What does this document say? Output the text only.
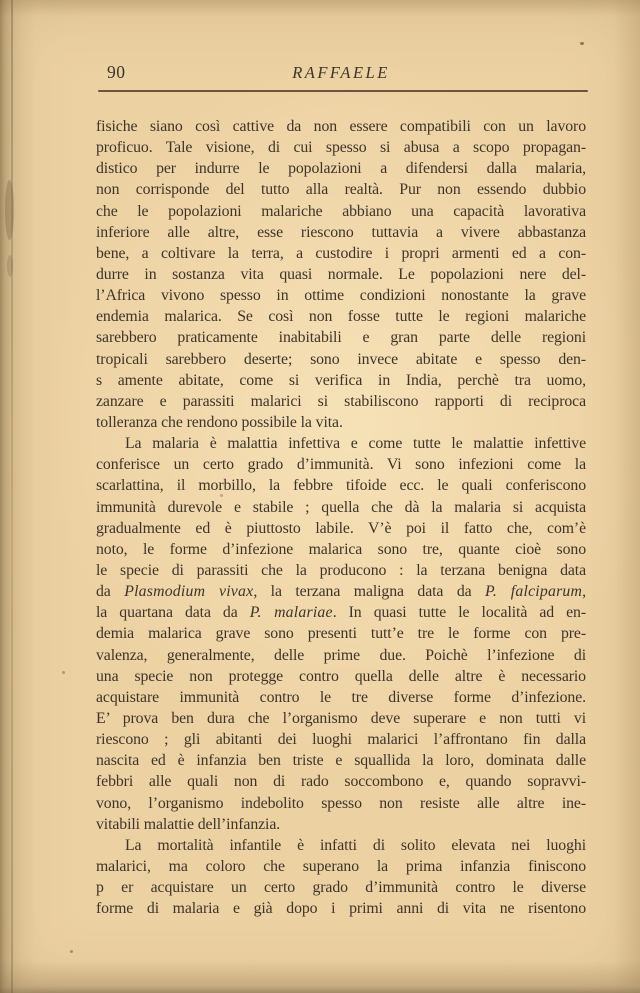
90	RAFFAELE
fisiche siano così cattive da non essere compatibili con un lavoro
proficuo. Tale visione, di cui spesso si abusa a scopo propagan-
distico per indurre le popolazioni a difendersi dalla malaria,
non corrisponde del tutto alla realtà. Pur non essendo dubbio
che le popolazioni malariche abbiano una capacità lavorativa
inferiore alle altre, esse riescono tuttavia a vivere abbastanza
bene, a coltivare la terra, a custodire i propri armenti ed a con-
durre in sostanza vita quasi normale. Le popolazioni nere del-
l’Africa vivono spesso in ottime condizioni nonostante la grave
endemia malarica. Se così non fosse tutte le regioni malariche
sarebbero praticamente inabitabili e gran parte delle regioni
tropicali sarebbero deserte; sono invece abitate e spesso den-
s amente abitate, come si verifica in India, perchè tra uomo,
zanzare e parassiti malarici si stabiliscono rapporti di reciproca
tolleranza che rendono possibile la vita.
La malaria è malattia infettiva e come tutte le malattie infettive
conferisce un certo grado d’immunità. Vi sono infezioni come la
scarlattina, il morbillo, la febbre tifoide ecc. le quali conferiscono
immunità durevole e stabile ; quella che dà la malaria si acquista
gradualmente ed è piuttosto labile. V’è poi il fatto che, com’è
noto, le forme d’infezione malarica sono tre, quante cioè sono
le specie di parassiti che la producono : la terzana benigna data
da Plasmodium vivax, la terzana maligna data da P. falciparum,
la quartana data da P. malariae. In quasi tutte le località ad en-
demia malarica grave sono presenti tutt’e tre le forme con pre-
valenza, generalmente, delle prime due. Poichè l’infezione di
una specie non protegge contro quella delle altre è necessario
acquistare immunità contro le tre diverse forme d’infezione.
E’ prova ben dura che l’organismo deve superare e non tutti vi
riescono ; gli abitanti dei luoghi malarici l’affrontano fin dalla
nascita ed è infanzia ben triste e squallida la loro, dominata dalle
febbri alle quali non di rado soccombono e, quando sopravvi-
vono, l’organismo indebolito spesso non resiste alle altre ine-
vitabili malattie dell’infanzia.
La mortalità infantile è infatti di solito elevata nei luoghi
malarici, ma coloro che superano la prima infanzia finiscono
p er acquistare un certo grado d’immunità contro le diverse
forme di malaria e già dopo i primi anni di vita ne risentono
